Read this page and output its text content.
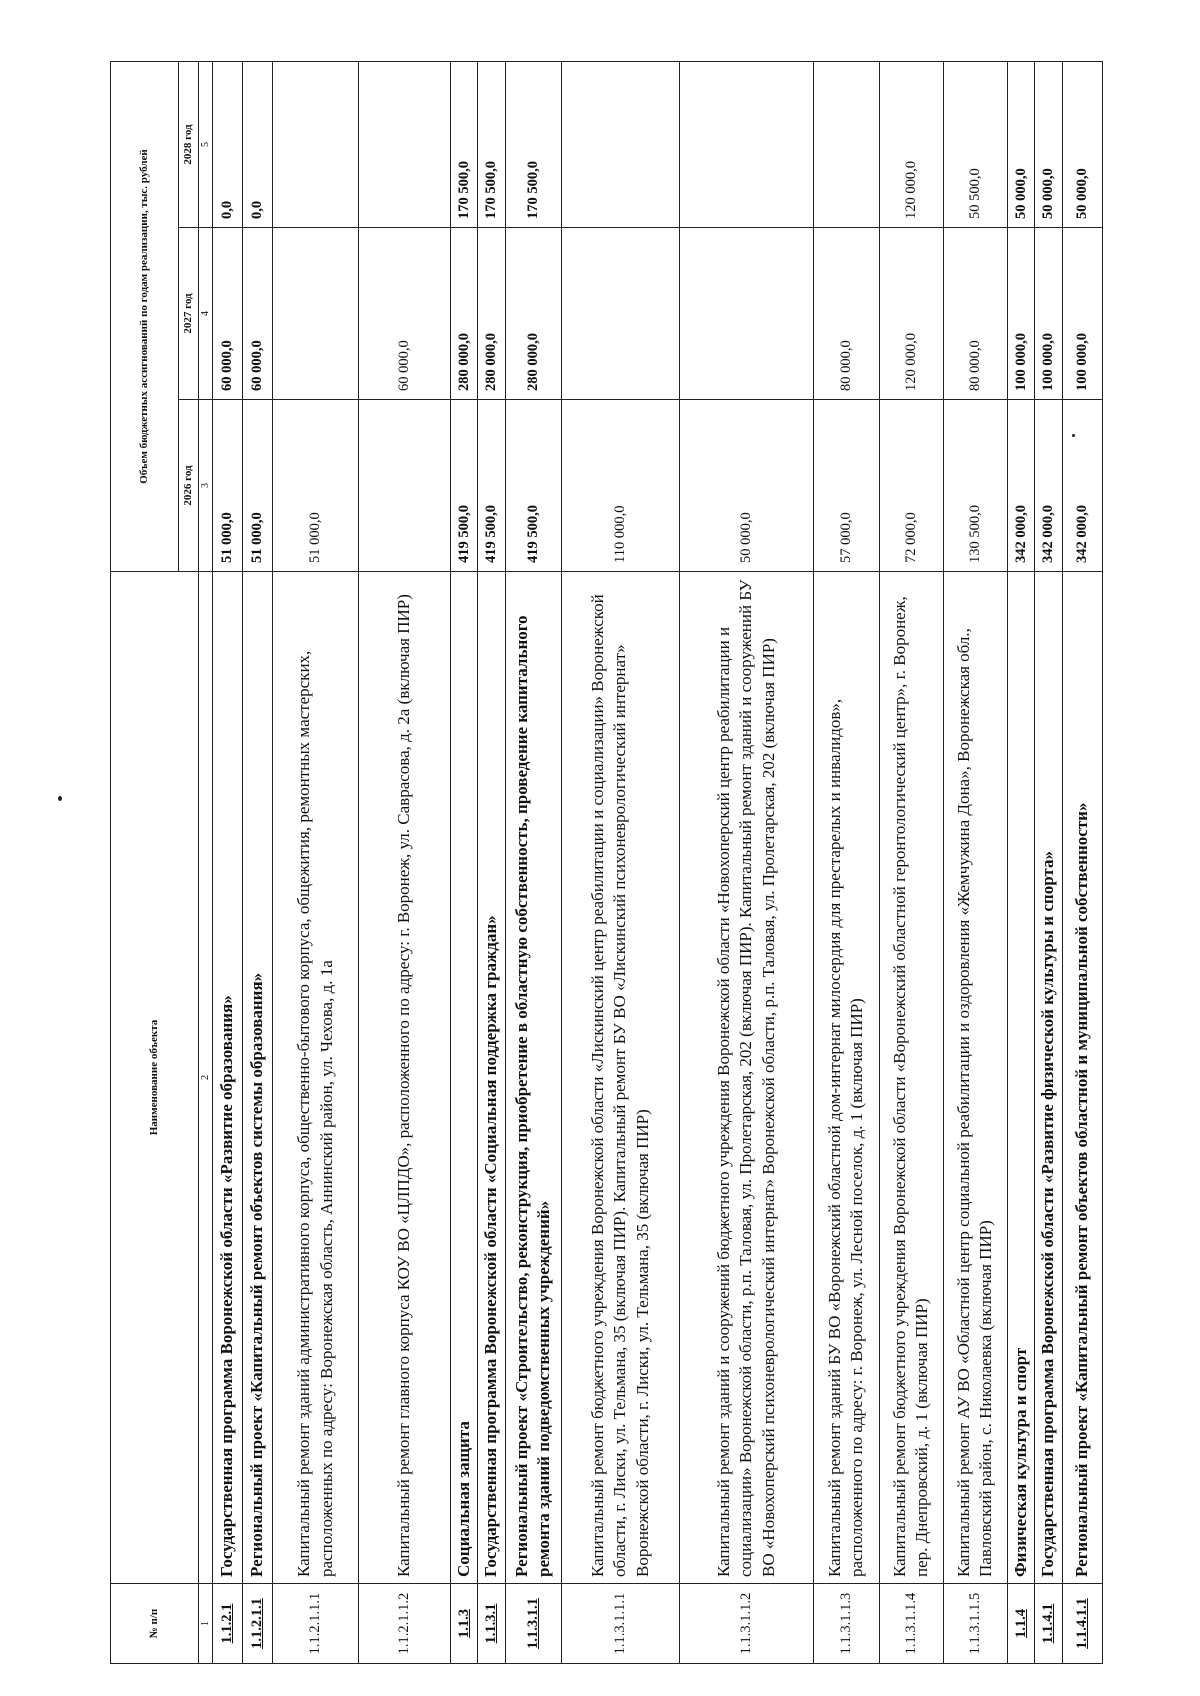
№ п/п	Наименование объекта	Объем бюджетных ассигнований по годам реализации, тыс. рублей		
		2026 год	2027 год	2028 год
1	2	3	4	5
1.1.2.1	Государственная программа Воронежской области «Развитие образования»	51 000,0	60 000,0	0,0
1.1.2.1.1	Региональный проект «Капитальный ремонт объектов системы образования»	51 000,0	60 000,0	0,0
1.1.2.1.1.1	Капитальный ремонт зданий административного корпуса, общественно-бытового корпуса, общежития, ремонтных мастерских, расположенных по адресу: Воронежская область, Аннинский район, ул. Чехова, д. 1а	51 000,0		
1.1.2.1.1.2	Капитальный ремонт главного корпуса КОУ ВО «ЦЛПДО», расположенного по адресу: г. Воронеж, ул. Саврасова, д. 2а (включая ПИР)		60 000,0	
1.1.3	Социальная защита	419 500,0	280 000,0	170 500,0
1.1.3.1	Государственная программа Воронежской области «Социальная поддержка граждан»	419 500,0	280 000,0	170 500,0
1.1.3.1.1	Региональный проект «Строительство, реконструкция, приобретение в областную собственность, проведение капитального ремонта зданий подведомственных учреждений»	419 500,0	280 000,0	170 500,0
1.1.3.1.1.1	Капитальный ремонт бюджетного учреждения Воронежской области «Лискинский центр реабилитации и социализации» Воронежской области, г. Лиски, ул. Тельмана, 35 (включая ПИР). Капитальный ремонт БУ ВО «Лискинский психоневрологический интернат» Воронежской области, г. Лиски, ул. Тельмана, 35 (включая ПИР)	110 000,0		
1.1.3.1.1.2	Капитальный ремонт зданий и сооружений бюджетного учреждения Воронежской области «Новохоперский центр реабилитации и социализации» Воронежской области, р.п. Таловая, ул. Пролетарская, 202 (включая ПИР). Капитальный ремонт зданий и сооружений БУ ВО «Новохоперский психоневрологический интернат» Воронежской области, р.п. Таловая, ул. Пролетарская, 202 (включая ПИР)	50 000,0		
1.1.3.1.1.3	Капитальный ремонт зданий БУ ВО «Воронежский областной дом-интернат милосердия для престарелых и инвалидов», расположенного по адресу: г. Воронеж, ул. Лесной поселок, д. 1 (включая ПИР)	57 000,0	80 000,0	
1.1.3.1.1.4	Капитальный ремонт бюджетного учреждения Воронежской области «Воронежский областной геронтологический центр», г. Воронеж, пер. Днепровский, д. 1 (включая ПИР)	72 000,0	120 000,0	120 000,0
1.1.3.1.1.5	Капитальный ремонт АУ ВО «Областной центр социальной реабилитации и оздоровления «Жемчужина Дона», Воронежская обл., Павловский район, с. Николаевка (включая ПИР)	130 500,0	80 000,0	50 500,0
1.1.4	Физическая культура и спорт	342 000,0	100 000,0	50 000,0
1.1.4.1	Государственная программа Воронежской области «Развитие физической культуры и спорта»	342 000,0	100 000,0	50 000,0
1.1.4.1.1	Региональный проект «Капитальный ремонт объектов областной и муниципальной собственности»	342 000,0	100 000,0	50 000,0
